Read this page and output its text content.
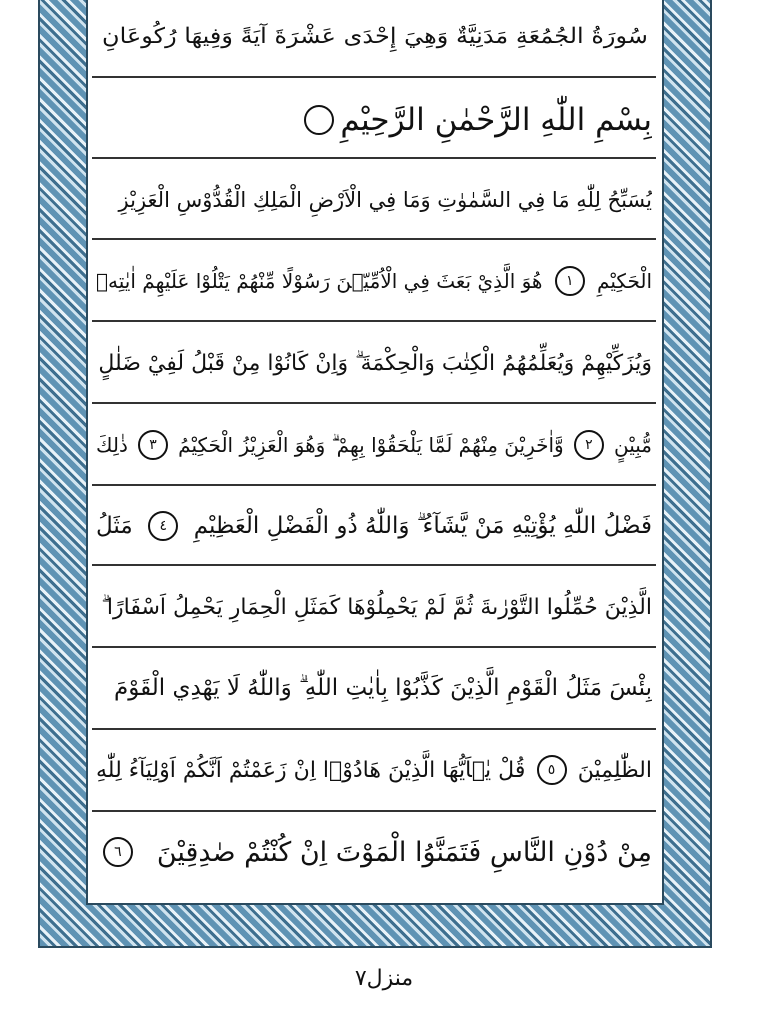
سُورَةُ الجُمُعَةِ مَدَنِيَّةٌ وَهِيَ إِحْدَى عَشْرَةَ آيَةً وَفِيهَا رُكُوعَانِ
بِسْمِ اللّٰهِ الرَّحْمٰنِ الرَّحِيْمِ
يُسَبِّحُ لِلّٰهِ مَا فِي السَّمٰوٰتِ وَمَا فِي الْاَرْضِ الْمَلِكِ الْقُدُّوْسِ الْعَزِيْزِ
الْحَكِيْمِ
١
هُوَ الَّذِيْ بَعَثَ فِي الْاُمِّيّٖنَ رَسُوْلًا مِّنْهُمْ يَتْلُوْا عَلَيْهِمْ اٰيٰتِهٖ
وَيُزَكِّيْهِمْ وَيُعَلِّمُهُمُ الْكِتٰبَ وَالْحِكْمَةَ ۗ وَاِنْ كَانُوْا مِنْ قَبْلُ لَفِيْ ضَلٰلٍ
مُّبِيْنٍ
٢
وَّاٰخَرِيْنَ مِنْهُمْ لَمَّا يَلْحَقُوْا بِهِمْ ۗ وَهُوَ الْعَزِيْزُ الْحَكِيْمُ
٣
ذٰلِكَ
فَضْلُ اللّٰهِ يُؤْتِيْهِ مَنْ يَّشَآءُ ۗ وَاللّٰهُ ذُو الْفَضْلِ الْعَظِيْمِ
٤
مَثَلُ
الَّذِيْنَ حُمِّلُوا التَّوْرٰىةَ ثُمَّ لَمْ يَحْمِلُوْهَا كَمَثَلِ الْحِمَارِ يَحْمِلُ اَسْفَارًا ۗ
بِئْسَ مَثَلُ الْقَوْمِ الَّذِيْنَ كَذَّبُوْا بِاٰيٰتِ اللّٰهِ ۗ وَاللّٰهُ لَا يَهْدِي الْقَوْمَ
الظّٰلِمِيْنَ
٥
قُلْ يٰۤاَيُّهَا الَّذِيْنَ هَادُوْۤا اِنْ زَعَمْتُمْ اَنَّكُمْ اَوْلِيَآءُ لِلّٰهِ
مِنْ دُوْنِ النَّاسِ فَتَمَنَّوُا الْمَوْتَ اِنْ كُنْتُمْ صٰدِقِيْنَ
٦
منزل۷
